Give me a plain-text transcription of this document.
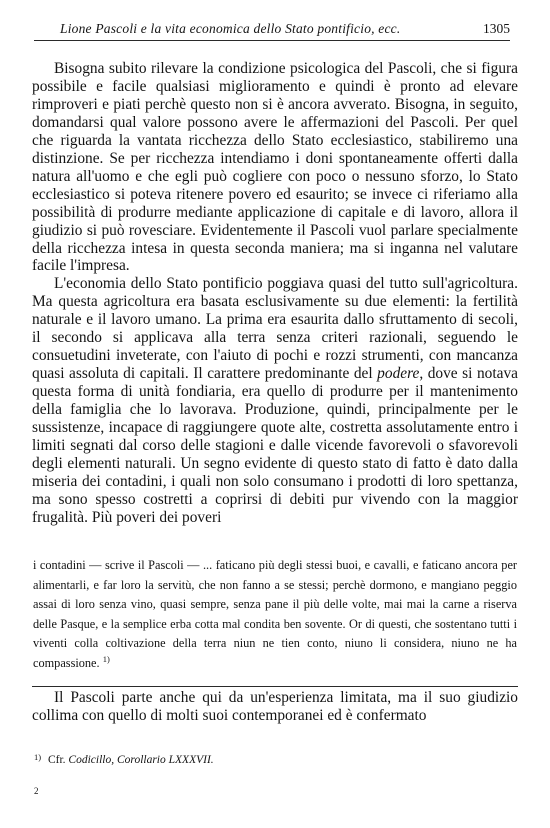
Lione Pascoli e la vita economica dello Stato pontificio, ecc.	1305

Bisogna subito rilevare la condizione psicologica del Pascoli, che si figura possibile e facile qualsiasi miglioramento e quindi è pronto ad elevare rimproveri e piati perchè questo non si è ancora avverato. Bisogna, in seguito, domandarsi qual valore possono avere le affermazioni del Pascoli. Per quel che riguarda la vantata ricchezza dello Stato ecclesiastico, stabiliremo una distinzione. Se per ricchezza intendiamo i doni spontaneamente offerti dalla natura all'uomo e che egli può cogliere con poco o nessuno sforzo, lo Stato ecclesiastico si poteva ritenere povero ed esaurito; se invece ci riferiamo alla possibilità di produrre mediante applicazione di capitale e di lavoro, allora il giudizio si può rovesciare. Evidentemente il Pascoli vuol parlare specialmente della ricchezza intesa in questa seconda maniera; ma si inganna nel valutare facile l'impresa.

L'economia dello Stato pontificio poggiava quasi del tutto sull'agricoltura. Ma questa agricoltura era basata esclusivamente su due elementi: la fertilità naturale e il lavoro umano. La prima era esaurita dallo sfruttamento di secoli, il secondo si applicava alla terra senza criteri razionali, seguendo le consuetudini inveterate, con l'aiuto di pochi e rozzi strumenti, con mancanza quasi assoluta di capitali. Il carattere predominante del podere, dove si notava questa forma di unità fondiaria, era quello di produrre per il mantenimento della famiglia che lo lavorava. Produzione, quindi, principalmente per le sussistenze, incapace di raggiungere quote alte, costretta assolutamente entro i limiti segnati dal corso delle stagioni e dalle vicende favorevoli o sfavorevoli degli elementi naturali. Un segno evidente di questo stato di fatto è dato dalla miseria dei contadini, i quali non solo consumano i prodotti di loro spettanza, ma sono spesso costretti a coprirsi di debiti pur vivendo con la maggior frugalità. Più poveri dei poveri

i contadini — scrive il Pascoli — ... faticano più degli stessi buoi, e cavalli, e faticano ancora per alimentarli, e far loro la servitù, che non fanno a se stessi; perchè dormono, e mangiano peggio assai di loro senza vino, quasi sempre, senza pane il più delle volte, mai mai la carne a riserva delle Pasque, e la semplice erba cotta mal condita ben sovente. Or di questi, che sostentano tutti i viventi colla coltivazione della terra niun ne tien conto, niuno li considera, niuno ne ha compassione. $^{1)}$

Il Pascoli parte anche qui da un'esperienza limitata, ma il suo giudizio collima con quello di molti suoi contemporanei ed è confermato

$^{1)}$ Cfr. Codicillo, Corollario LXXXVII.
2
